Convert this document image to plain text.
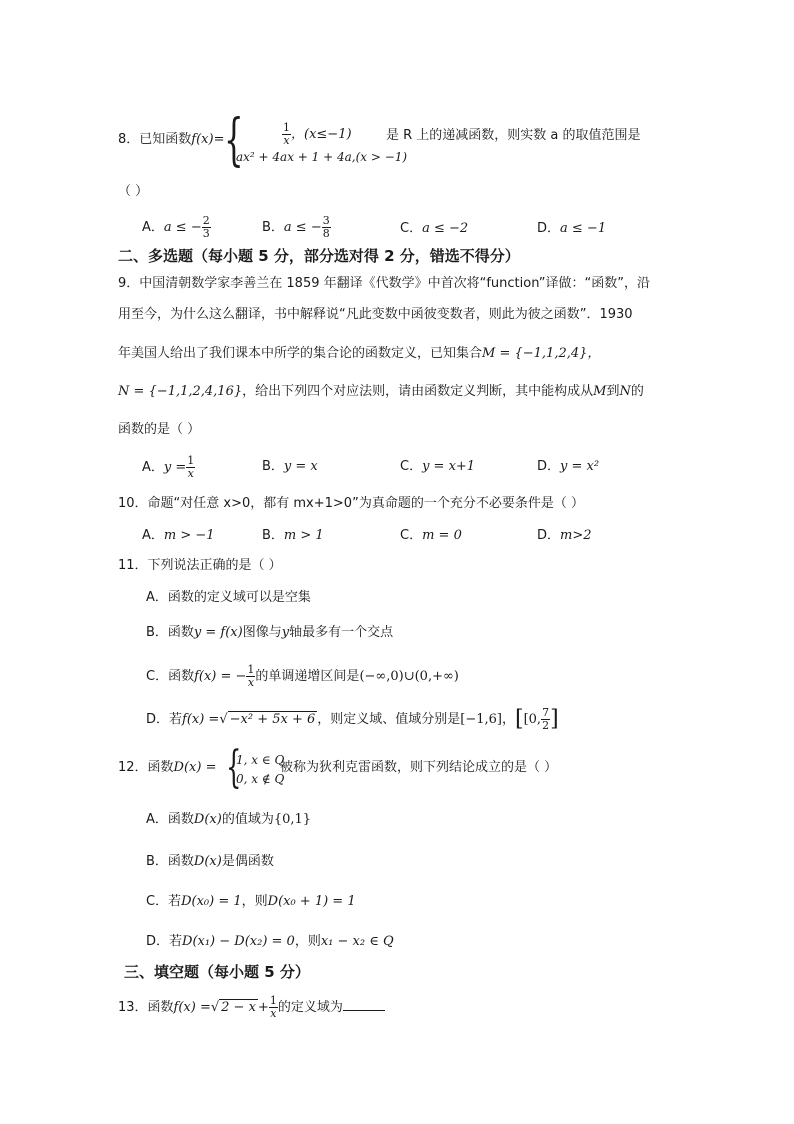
8．已知函数f(x)= {	$\frac{1}{x}$ ，(x≤−1)
ax² + 4ax + 1 + 4a,(x > −1)
是 R 上的递减函数，则实数 a 的取值范围是
（ ）
A．a ≤ − $\frac{2}{3}$	B．a ≤ − $\frac{3}{8}$	C．a ≤ −2	D．a ≤ −1
二、多选题（每小题 5 分，部分选对得 2 分，错选不得分）
9．中国清朝数学家李善兰在 1859 年翻译《代数学》中首次将“function”译做：“函数”，沿
用至今，为什么这么翻译，书中解释说“凡此变数中函彼变数者，则此为彼之函数”．1930
年美国人给出了我们课本中所学的集合论的函数定义，已知集合M = {−1,1,2,4}，
N = {−1,1,2,4,16}，给出下列四个对应法则，请由函数定义判断，其中能构成从M到N的
函数的是（ ）
A．$y = \frac{1}{x}$	B．y = x	C．y = x+1	D．y = x²
10．命题“对任意 x>0，都有 mx+1>0”为真命题的一个充分不必要条件是（ ）
A．m > −1	B．m > 1	C．m = 0	D．m>2
11．下列说法正确的是（ ）
A．函数的定义域可以是空集
B．函数y = f(x)图像与y轴最多有一个交点
C．函数f(x) = − $\frac{1}{x}$ 的单调递增区间是(−∞,0)∪(0,+∞)
D．若f(x) =√ −x² + 5x + 6 ，则定义域、值域分别是[−1,6]，[[0, $\frac{7}{2}$ ]
12．函数D(x) = {
1, x ∈ Q
0, x ∉ Q
被称为狄利克雷函数，则下列结论成立的是（ ）
A．函数D(x)的值域为{0,1}
B．函数D(x)是偶函数
C．若D(x₀) = 1，则D(x₀ + 1) = 1
D．若D(x₁) − D(x₂) = 0，则x₁ − x₂ ∈ Q
三、填空题（每小题 5 分）
13．函数f(x) =√ $2 - x + \frac{1}{x}$ 的定义域为
